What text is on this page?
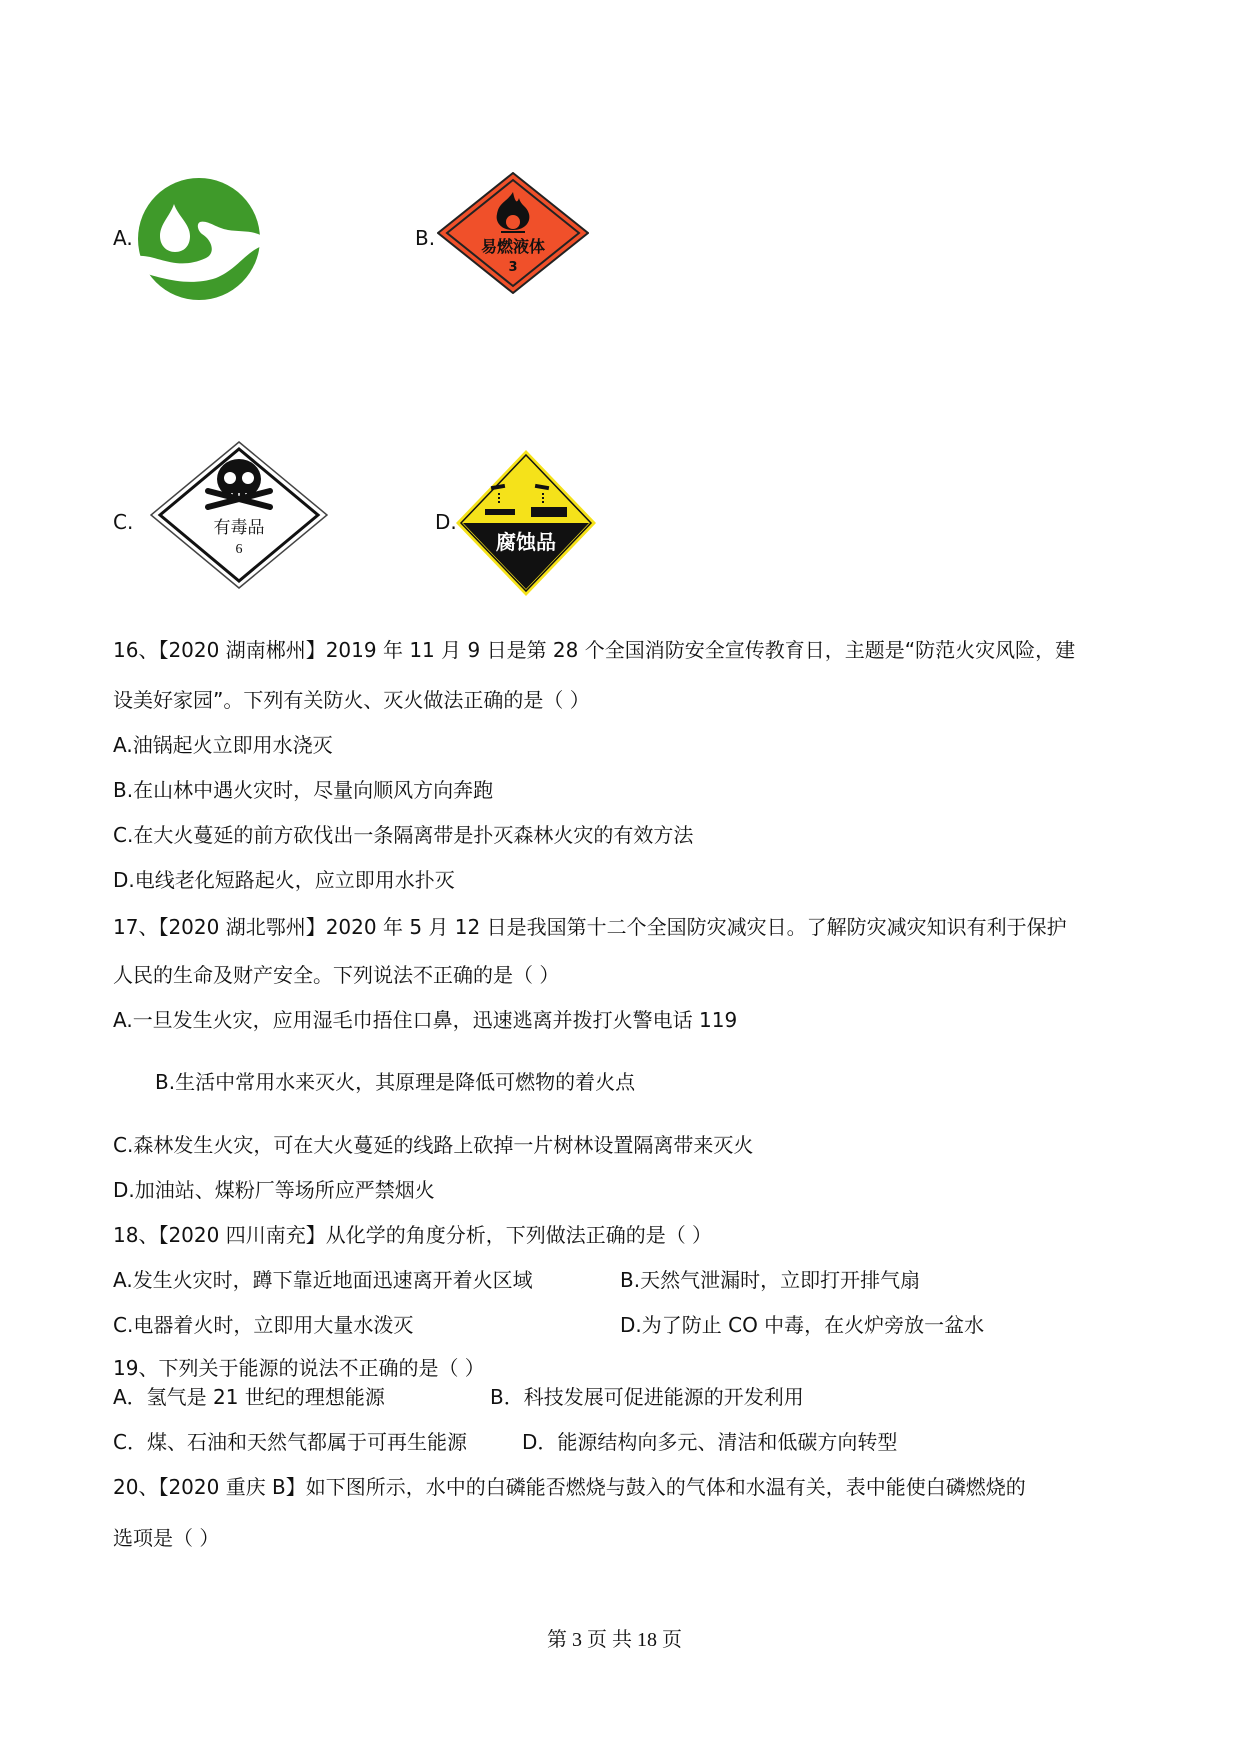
A.	B.	易燃液体
3
C.	有毒品
6
D.
腐蚀品
16、【2020 湖南郴州】2019 年 11 月 9 日是第 28 个全国消防安全宣传教育日，主题是“防范火灾风险，建
设美好家园”。下列有关防火、灭火做法正确的是（ ）
A.油锅起火立即用水浇灭
B.在山林中遇火灾时，尽量向顺风方向奔跑
C.在大火蔓延的前方砍伐出一条隔离带是扑灭森林火灾的有效方法
D.电线老化短路起火，应立即用水扑灭
17、【2020 湖北鄂州】2020 年 5 月 12 日是我国第十二个全国防灾减灾日。了解防灾减灾知识有利于保护
人民的生命及财产安全。下列说法不正确的是（ ）
A.一旦发生火灾，应用湿毛巾捂住口鼻，迅速逃离并拨打火警电话 119
B.生活中常用水来灭火，其原理是降低可燃物的着火点
C.森林发生火灾，可在大火蔓延的线路上砍掉一片树林设置隔离带来灭火
D.加油站、煤粉厂等场所应严禁烟火
18、【2020 四川南充】从化学的角度分析，下列做法正确的是（ ）
A.发生火灾时，蹲下靠近地面迅速离开着火区域	B.天然气泄漏时，立即打开排气扇
C.电器着火时，立即用大量水泼灭	D.为了防止 CO 中毒，在火炉旁放一盆水
19、下列关于能源的说法不正确的是（ ）
A．氢气是 21 世纪的理想能源	B．科技发展可促进能源的开发利用
C．煤、石油和天然气都属于可再生能源	D．能源结构向多元、清洁和低碳方向转型
20、【2020 重庆 B】如下图所示，水中的白磷能否燃烧与鼓入的气体和水温有关，表中能使白磷燃烧的
选项是（ ）
第 3 页 共 18 页
